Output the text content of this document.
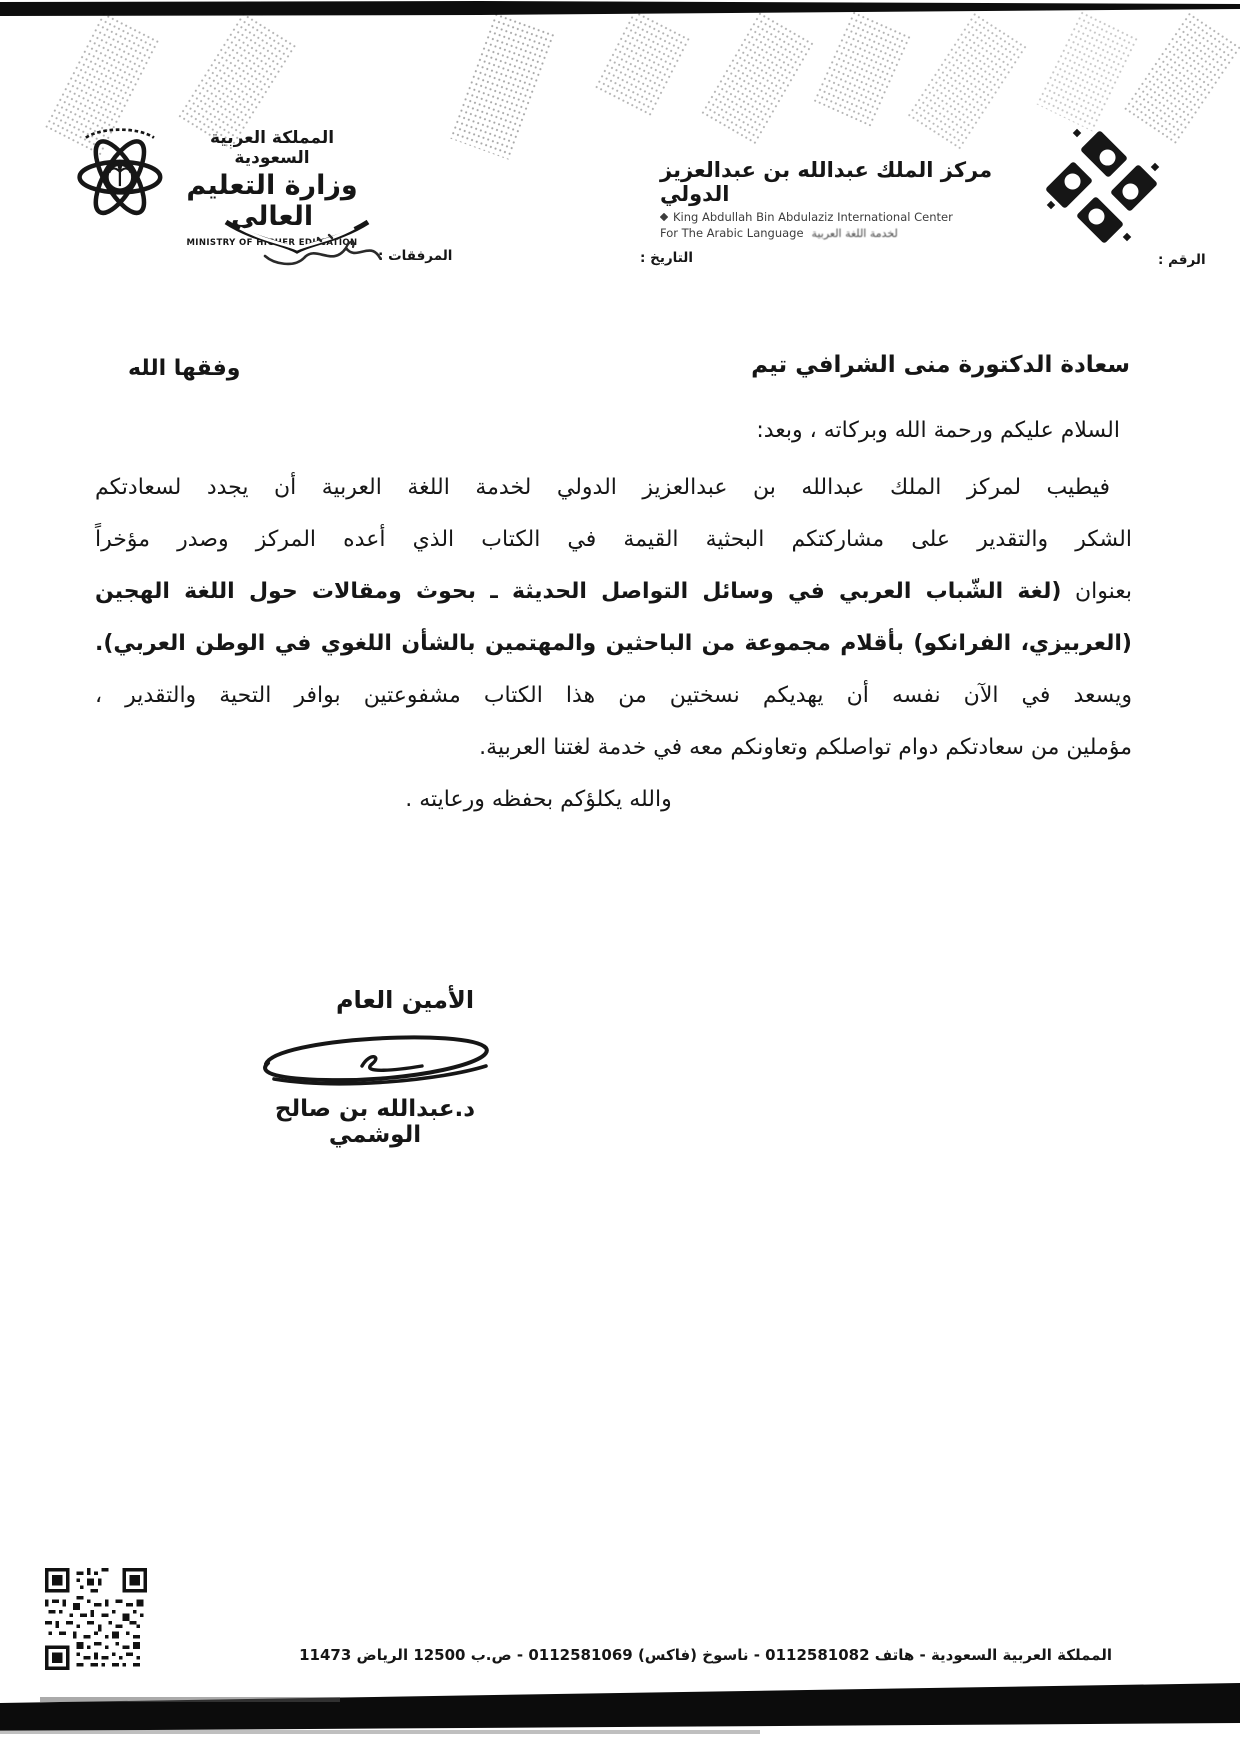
المملكة العربية السعودية
وزارة التعليم العالي
MINISTRY OF HIGHER EDUCATION
مركز الملك عبدالله بن عبدالعزيز الدولي
King Abdullah Bin Abdulaziz International Center
For The Arabic Language لخدمة اللغة العربية
الرقم :
التاريخ :
المرفقات :
سعادة الدكتورة منى الشرافي تيم
وفقها الله
السلام عليكم ورحمة الله وبركاته ، وبعد:
فيطيب لمركز الملك عبدالله بن عبدالعزيز الدولي لخدمة اللغة العربية أن يجدد لسعادتكم
الشكر والتقدير على مشاركتكم البحثية القيمة في الكتاب الذي أعده المركز وصدر مؤخراً
بعنوان (لغة الشّباب العربي في وسائل التواصل الحديثة ـ بحوث ومقالات حول اللغة الهجين
(العربيزي، الفرانكو) بأقلام مجموعة من الباحثين والمهتمين بالشأن اللغوي في الوطن العربي).
ويسعد في الآن نفسه أن يهديكم نسختين من هذا الكتاب مشفوعتين بوافر التحية والتقدير ،
مؤملين من سعادتكم دوام تواصلكم وتعاونكم معه في خدمة لغتنا العربية.
والله يكلؤكم بحفظه ورعايته .
الأمين العام
د.عبدالله بن صالح الوشمي
المملكة العربية السعودية - هاتف 0112581082 - ناسوخ (فاكس) 0112581069 - ص.ب 12500 الرياض 11473
